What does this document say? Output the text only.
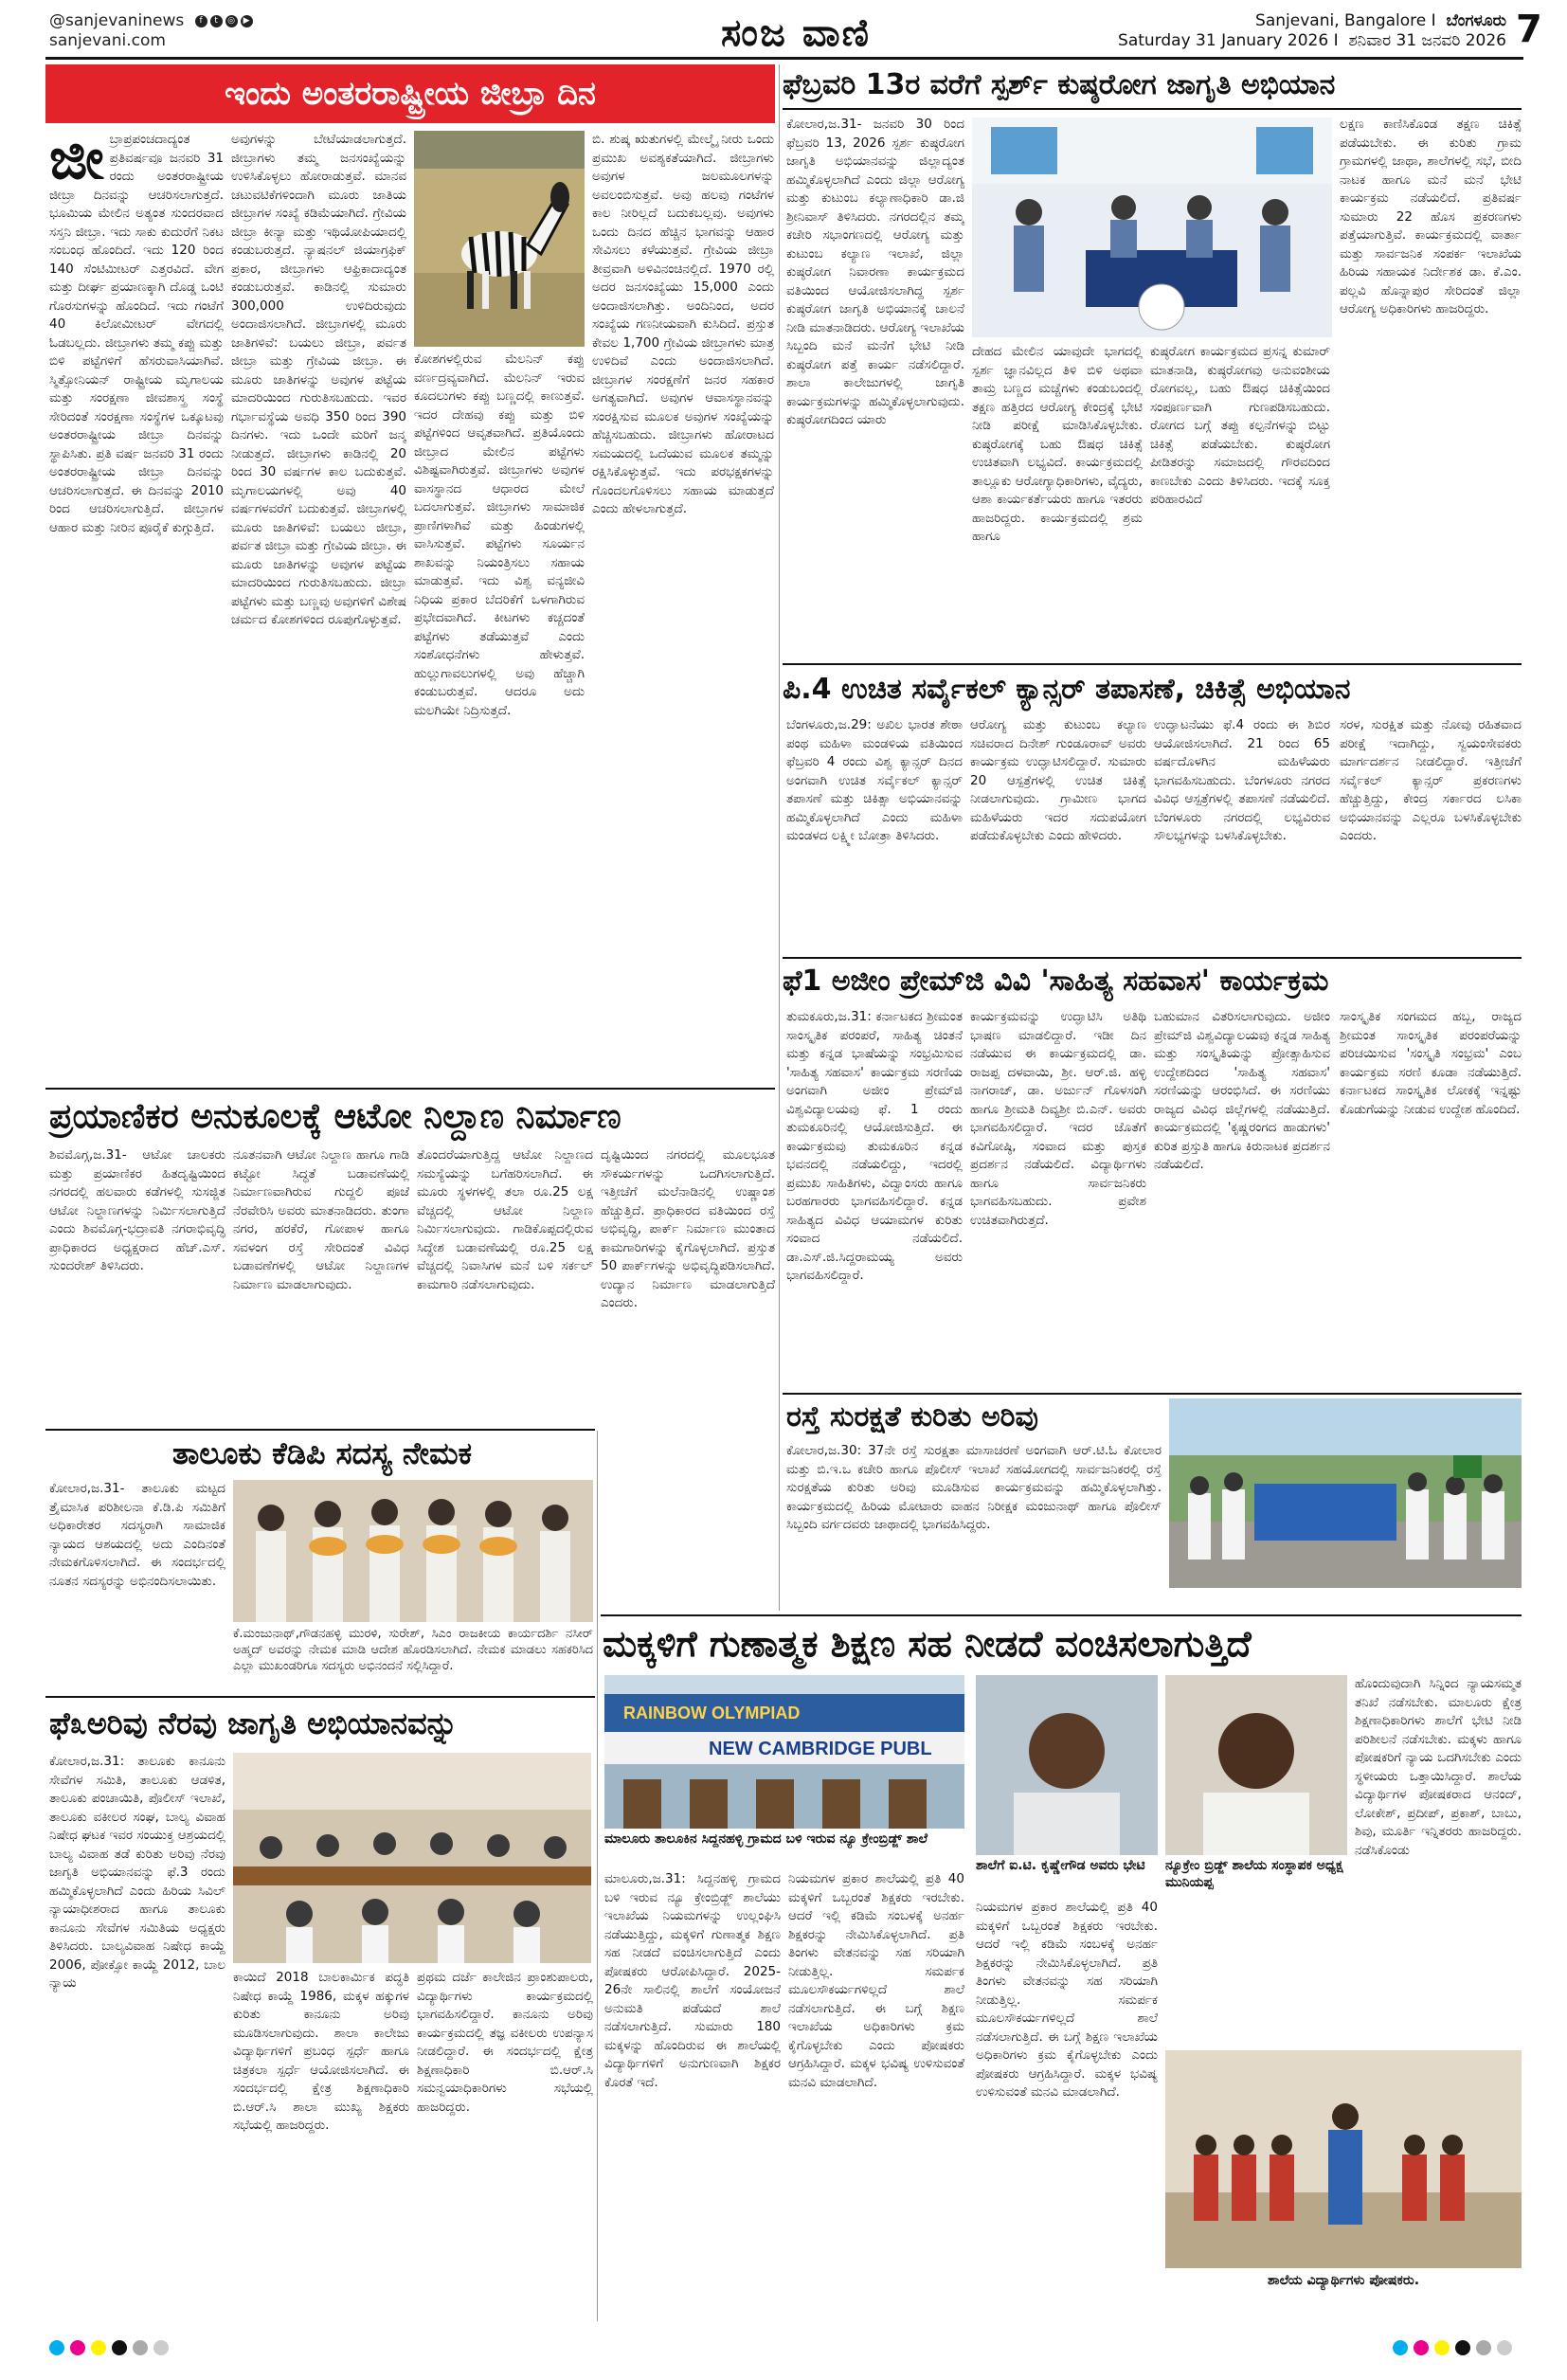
@sanjevaninews	f	t	◎ ▶
sanjevani.com	ಸಂಜ ವಾಣಿ	Sanjevani, Bangalore I ಬೆಂಗಳೂರು
Saturday 31 January 2026 I ಶನಿವಾರ 31 ಜನವರಿ 2026 7
ಇಂದು ಅಂತರರಾಷ್ಟ್ರೀಯ ಜೀಬ್ರಾ ದಿನ
ಜೀಬ್ರಾಪ್ರಪಂಚದಾದ್ಯಂತ ಪ್ರತಿವರ್ಷವೂ ಜನವರಿ 31 ರಂದು ಅಂತರರಾಷ್ಟ್ರೀಯ ಜೀಬ್ರಾ ದಿನವನ್ನು ಆಚರಿಸಲಾಗುತ್ತದೆ. ಭೂಮಿಯ ಮೇಲಿನ ಅತ್ಯಂತ ಸುಂದರವಾದ ಸಸ್ತನಿ ಜೀಬ್ರಾ. ಇದು ಸಾಕು ಕುದುರೆಗೆ ನಿಕಟ ಸಂಬಂಧ ಹೊಂದಿದೆ. ಇದು 120 ರಿಂದ 140 ಸೆಂಟಿಮೀಟರ್ ಎತ್ತರವಿದೆ. ವೇಗ ಮತ್ತು ದೀರ್ಘ ಪ್ರಯಾಣಕ್ಕಾಗಿ ದೊಡ್ಡ ಒಂಟಿ ಗೊರಸುಗಳನ್ನು ಹೊಂದಿದೆ. ಇದು ಗಂಟೆಗೆ 40 ಕಿಲೋಮೀಟರ್ ವೇಗದಲ್ಲಿ ಓಡಬಲ್ಲದು. ಜೀಬ್ರಾಗಳು ತಮ್ಮ ಕಪ್ಪು ಮತ್ತು ಬಿಳಿ ಪಟ್ಟೆಗಳಿಗೆ ಹೆಸರುವಾಸಿಯಾಗಿವೆ. ಸ್ಮಿತ್ಸೋನಿಯನ್ ರಾಷ್ಟ್ರೀಯ ಮೃಗಾಲಯ ಮತ್ತು ಸಂರಕ್ಷಣಾ ಜೀವಶಾಸ್ತ್ರ ಸಂಸ್ಥೆ ಸೇರಿದಂತೆ ಸಂರಕ್ಷಣಾ ಸಂಸ್ಥೆಗಳ ಒಕ್ಕೂಟವು ಅಂತರರಾಷ್ಟ್ರೀಯ ಜೀಬ್ರಾ ದಿನವನ್ನು ಸ್ಥಾಪಿಸಿತು. ಪ್ರತಿ ವರ್ಷ ಜನವರಿ 31 ರಂದು ಅಂತರರಾಷ್ಟ್ರೀಯ ಜೀಬ್ರಾ ದಿನವನ್ನು ಆಚರಿಸಲಾಗುತ್ತದೆ. ಈ ದಿನವನ್ನು 2010 ರಿಂದ ಆಚರಿಸಲಾಗುತ್ತಿದೆ. ಜೀಬ್ರಾಗಳ ಆಹಾರ ಮತ್ತು ನೀರಿನ ಪೂರೈಕೆ ಕುಗ್ಗುತ್ತಿದೆ.
ಅವುಗಳನ್ನು ಬೇಟೆಯಾಡಲಾಗುತ್ತದೆ. ಜೀಬ್ರಾಗಳು ತಮ್ಮ ಜನಸಂಖ್ಯೆಯನ್ನು ಉಳಿಸಿಕೊಳ್ಳಲು ಹೋರಾಡುತ್ತವೆ. ಮಾನವ ಚಟುವಟಿಕೆಗಳಿಂದಾಗಿ ಮೂರು ಜಾತಿಯ ಜೀಬ್ರಾಗಳ ಸಂಖ್ಯೆ ಕಡಿಮೆಯಾಗಿದೆ. ಗ್ರೇವಿಯ ಜೀಬ್ರಾ ಕೀನ್ಯಾ ಮತ್ತು ಇಥಿಯೋಪಿಯಾದಲ್ಲಿ ಕಂಡುಬರುತ್ತದೆ. ನ್ಯಾಷನಲ್ ಜಿಯಾಗ್ರಫಿಕ್ ಪ್ರಕಾರ, ಜೀಬ್ರಾಗಳು ಆಫ್ರಿಕಾದಾದ್ಯಂತ ಕಂಡುಬರುತ್ತವೆ. ಕಾಡಿನಲ್ಲಿ ಸುಮಾರು 300,000 ಉಳಿದಿರುವುದು ಅಂದಾಜಿಸಲಾಗಿದೆ. ಜೀಬ್ರಾಗಳಲ್ಲಿ ಮೂರು ಜಾತಿಗಳಿವೆ: ಬಯಲು ಜೀಬ್ರಾ, ಪರ್ವತ ಜೀಬ್ರಾ ಮತ್ತು ಗ್ರೇವಿಯ ಜೀಬ್ರಾ. ಈ ಮೂರು ಜಾತಿಗಳನ್ನು ಅವುಗಳ ಪಟ್ಟೆಯ ಮಾದರಿಯಿಂದ ಗುರುತಿಸಬಹುದು. ಇವರ ಗರ್ಭಾವಸ್ಥೆಯ ಅವಧಿ 350 ರಿಂದ 390 ದಿನಗಳು. ಇದು ಒಂದೇ ಮರಿಗೆ ಜನ್ಮ ನೀಡುತ್ತದೆ. ಜೀಬ್ರಾಗಳು ಕಾಡಿನಲ್ಲಿ 20 ರಿಂದ 30 ವರ್ಷಗಳ ಕಾಲ ಬದುಕುತ್ತವೆ. ಮೃಗಾಲಯಗಳಲ್ಲಿ ಅವು 40 ವರ್ಷಗಳವರೆಗೆ ಬದುಕುತ್ತವೆ. ಜೀಬ್ರಾಗಳಲ್ಲಿ ಮೂರು ಜಾತಿಗಳಿವೆ: ಬಯಲು ಜೀಬ್ರಾ, ಪರ್ವತ ಜೀಬ್ರಾ ಮತ್ತು ಗ್ರೇವಿಯ ಜೀಬ್ರಾ. ಈ ಮೂರು ಜಾತಿಗಳನ್ನು ಅವುಗಳ ಪಟ್ಟೆಯ ಮಾದರಿಯಿಂದ ಗುರುತಿಸಬಹುದು. ಜೀಬ್ರಾ ಪಟ್ಟೆಗಳು ಮತ್ತು ಬಣ್ಣವು ಅವುಗಳಿಗೆ ವಿಶೇಷ ಚರ್ಮದ ಕೋಶಗಳಿಂದ ರೂಪುಗೊಳ್ಳುತ್ತವೆ.
ಕೋಶಗಳಲ್ಲಿರುವ ಮೆಲನಿನ್ ಕಪ್ಪು ವರ್ಣದ್ರವ್ಯವಾಗಿದೆ. ಮೆಲನಿನ್ ಇರುವ ಕೂದಲುಗಳು ಕಪ್ಪು ಬಣ್ಣದಲ್ಲಿ ಕಾಣುತ್ತವೆ. ಇದರ ದೇಹವು ಕಪ್ಪು ಮತ್ತು ಬಿಳಿ ಪಟ್ಟೆಗಳಿಂದ ಆವೃತವಾಗಿದೆ. ಪ್ರತಿಯೊಂದು ಜೀಬ್ರಾದ ಮೇಲಿನ ಪಟ್ಟೆಗಳು ವಿಶಿಷ್ಟವಾಗಿರುತ್ತವೆ. ಜೀಬ್ರಾಗಳು ಅವುಗಳ ವಾಸಸ್ಥಾನದ ಆಧಾರದ ಮೇಲೆ ಬದಲಾಗುತ್ತವೆ. ಜೀಬ್ರಾಗಳು ಸಾಮಾಜಿಕ ಪ್ರಾಣಿಗಳಾಗಿವೆ ಮತ್ತು ಹಿಂಡುಗಳಲ್ಲಿ ವಾಸಿಸುತ್ತವೆ. ಪಟ್ಟೆಗಳು ಸೂರ್ಯನ ಶಾಖವನ್ನು ನಿಯಂತ್ರಿಸಲು ಸಹಾಯ ಮಾಡುತ್ತವೆ. ಇದು ವಿಶ್ವ ವನ್ಯಜೀವಿ ನಿಧಿಯ ಪ್ರಕಾರ ಬೆದರಿಕೆಗೆ ಒಳಗಾಗಿರುವ ಪ್ರಭೇದವಾಗಿದೆ. ಕೀಟಗಳು ಕಚ್ಚದಂತೆ ಪಟ್ಟೆಗಳು ತಡೆಯುತ್ತವೆ ಎಂದು ಸಂಶೋಧನೆಗಳು ಹೇಳುತ್ತವೆ. ಹುಲ್ಲುಗಾವಲುಗಳಲ್ಲಿ ಅವು ಹೆಚ್ಚಾಗಿ ಕಂಡುಬರುತ್ತವೆ. ಆದರೂ ಅದು ಮಲಗಿಯೇ ನಿದ್ರಿಸುತ್ತದೆ.
ಬಿ. ಶುಷ್ಕ ಋತುಗಳಲ್ಲಿ ಮೇಲ್ಮೈ ನೀರು ಒಂದು ಪ್ರಮುಖ ಅವಶ್ಯಕತೆಯಾಗಿದೆ. ಜೀಬ್ರಾಗಳು ಅವುಗಳ ಜಲಮೂಲಗಳನ್ನು ಅವಲಂಬಿಸುತ್ತವೆ. ಅವು ಹಲವು ಗಂಟೆಗಳ ಕಾಲ ನೀರಿಲ್ಲದೆ ಬದುಕಬಲ್ಲವು. ಅವುಗಳು ಒಂದು ದಿನದ ಹೆಚ್ಚಿನ ಭಾಗವನ್ನು ಆಹಾರ ಸೇವಿಸಲು ಕಳೆಯುತ್ತವೆ. ಗ್ರೇವಿಯ ಜೀಬ್ರಾ ತೀವ್ರವಾಗಿ ಅಳಿವಿನಂಚಿನಲ್ಲಿದೆ. 1970 ರಲ್ಲಿ ಅದರ ಜನಸಂಖ್ಯೆಯು 15,000 ಎಂದು ಅಂದಾಜಿಸಲಾಗಿತ್ತು. ಅಂದಿನಿಂದ, ಅದರ ಸಂಖ್ಯೆಯ ಗಣನೀಯವಾಗಿ ಕುಸಿದಿದೆ. ಪ್ರಸ್ತುತ ಕೇವಲ 1,700 ಗ್ರೇವಿಯ ಜೀಬ್ರಾಗಳು ಮಾತ್ರ ಉಳಿದಿವೆ ಎಂದು ಅಂದಾಜಿಸಲಾಗಿದೆ. ಜೀಬ್ರಾಗಳ ಸಂರಕ್ಷಣೆಗೆ ಜನರ ಸಹಕಾರ ಅಗತ್ಯವಾಗಿದೆ. ಅವುಗಳ ಆವಾಸಸ್ಥಾನವನ್ನು ಸಂರಕ್ಷಿಸುವ ಮೂಲಕ ಅವುಗಳ ಸಂಖ್ಯೆಯನ್ನು ಹೆಚ್ಚಿಸಬಹುದು. ಜೀಬ್ರಾಗಳು ಹೋರಾಟದ ಸಮಯದಲ್ಲಿ ಒದೆಯುವ ಮೂಲಕ ತಮ್ಮನ್ನು ರಕ್ಷಿಸಿಕೊಳ್ಳುತ್ತವೆ. ಇದು ಪರಭಕ್ಷಕಗಳನ್ನು ಗೊಂದಲಗೊಳಿಸಲು ಸಹಾಯ ಮಾಡುತ್ತದೆ ಎಂದು ಹೇಳಲಾಗುತ್ತದೆ.
ಫೆಬ್ರವರಿ 13ರ ವರೆಗೆ ಸ್ಪರ್ಶ್ ಕುಷ್ಠರೋಗ ಜಾಗೃತಿ ಅಭಿಯಾನ
ಕೋಲಾರ,ಜ.31- ಜನವರಿ 30 ರಿಂದ ಫೆಬ್ರವರಿ 13, 2026 ಸ್ಪರ್ಶ ಕುಷ್ಠರೋಗ ಜಾಗೃತಿ ಅಭಿಯಾನವನ್ನು ಜಿಲ್ಲಾದ್ಯಂತ ಹಮ್ಮಿಕೊಳ್ಳಲಾಗಿದೆ ಎಂದು ಜಿಲ್ಲಾ ಆರೋಗ್ಯ ಮತ್ತು ಕುಟುಂಬ ಕಲ್ಯಾಣಾಧಿಕಾರಿ ಡಾ.ಜಿ ಶ್ರೀನಿವಾಸ್ ತಿಳಿಸಿದರು. ನಗರದಲ್ಲಿನ ತಮ್ಮ ಕಚೇರಿ ಸಭಾಂಗಣದಲ್ಲಿ ಆರೋಗ್ಯ ಮತ್ತು ಕುಟುಂಬ ಕಲ್ಯಾಣ ಇಲಾಖೆ, ಜಿಲ್ಲಾ ಕುಷ್ಠರೋಗ ನಿವಾರಣಾ ಕಾರ್ಯಕ್ರಮದ ವತಿಯಿಂದ ಆಯೋಜಿಸಲಾಗಿದ್ದ ಸ್ಪರ್ಶ ಕುಷ್ಠರೋಗ ಜಾಗೃತಿ ಅಭಿಯಾನಕ್ಕೆ ಚಾಲನೆ ನೀಡಿ ಮಾತನಾಡಿದರು. ಆರೋಗ್ಯ ಇಲಾಖೆಯ ಸಿಬ್ಬಂದಿ ಮನೆ ಮನೆಗೆ ಭೇಟಿ ನೀಡಿ ಕುಷ್ಠರೋಗ ಪತ್ತೆ ಕಾರ್ಯ ನಡೆಸಲಿದ್ದಾರೆ. ಶಾಲಾ ಕಾಲೇಜುಗಳಲ್ಲಿ ಜಾಗೃತಿ ಕಾರ್ಯಕ್ರಮಗಳನ್ನು ಹಮ್ಮಿಕೊಳ್ಳಲಾಗುವುದು. ಕುಷ್ಠರೋಗದಿಂದ ಯಾರು
ದೇಹದ ಮೇಲಿನ ಯಾವುದೇ ಭಾಗದಲ್ಲಿ ಸ್ಪರ್ಶ ಜ್ಞಾನವಿಲ್ಲದ ತಿಳಿ ಬಿಳಿ ಅಥವಾ ತಾಮ್ರ ಬಣ್ಣದ ಮಚ್ಚೆಗಳು ಕಂಡುಬಂದಲ್ಲಿ ತಕ್ಷಣ ಹತ್ತಿರದ ಆರೋಗ್ಯ ಕೇಂದ್ರಕ್ಕೆ ಭೇಟಿ ನೀಡಿ ಪರೀಕ್ಷೆ ಮಾಡಿಸಿಕೊಳ್ಳಬೇಕು. ಕುಷ್ಠರೋಗಕ್ಕೆ ಬಹು ಔಷಧ ಚಿಕಿತ್ಸೆ ಉಚಿತವಾಗಿ ಲಭ್ಯವಿದೆ. ಕಾರ್ಯಕ್ರಮದಲ್ಲಿ ತಾಲ್ಲೂಕು ಆರೋಗ್ಯಾಧಿಕಾರಿಗಳು, ವೈದ್ಯರು, ಆಶಾ ಕಾರ್ಯಕರ್ತೆಯರು ಹಾಗೂ ಇತರರು ಹಾಜರಿದ್ದರು. ಕಾರ್ಯಕ್ರಮದಲ್ಲಿ ಶ್ರಮ ಹಾಗೂ
ಕುಷ್ಠರೋಗ ಕಾರ್ಯಕ್ರಮದ ಪ್ರಸನ್ನ ಕುಮಾರ್ ಮಾತನಾಡಿ, ಕುಷ್ಠರೋಗವು ಅನುವಂಶೀಯ ರೋಗವಲ್ಲ, ಬಹು ಔಷಧ ಚಿಕಿತ್ಸೆಯಿಂದ ಸಂಪೂರ್ಣವಾಗಿ ಗುಣಪಡಿಸಬಹುದು. ರೋಗದ ಬಗ್ಗೆ ತಪ್ಪು ಕಲ್ಪನೆಗಳನ್ನು ಬಿಟ್ಟು ಚಿಕಿತ್ಸೆ ಪಡೆಯಬೇಕು. ಕುಷ್ಠರೋಗ ಪೀಡಿತರನ್ನು ಸಮಾಜದಲ್ಲಿ ಗೌರವದಿಂದ ಕಾಣಬೇಕು ಎಂದು ತಿಳಿಸಿದರು. ಇದಕ್ಕೆ ಸೂಕ್ತ ಪರಿಹಾರವಿದೆ
ಲಕ್ಷಣ ಕಾಣಿಸಿಕೊಂಡ ತಕ್ಷಣ ಚಿಕಿತ್ಸೆ ಪಡೆಯಬೇಕು. ಈ ಕುರಿತು ಗ್ರಾಮ ಗ್ರಾಮಗಳಲ್ಲಿ ಜಾಥಾ, ಶಾಲೆಗಳಲ್ಲಿ ಸಭೆ, ಬೀದಿ ನಾಟಕ ಹಾಗೂ ಮನೆ ಮನೆ ಭೇಟಿ ಕಾರ್ಯಕ್ರಮ ನಡೆಯಲಿದೆ. ಪ್ರತಿವರ್ಷ ಸುಮಾರು 22 ಹೊಸ ಪ್ರಕರಣಗಳು ಪತ್ತೆಯಾಗುತ್ತಿವೆ. ಕಾರ್ಯಕ್ರಮದಲ್ಲಿ ವಾರ್ತಾ ಮತ್ತು ಸಾರ್ವಜನಿಕ ಸಂಪರ್ಕ ಇಲಾಖೆಯ ಹಿರಿಯ ಸಹಾಯಕ ನಿರ್ದೇಶಕ ಡಾ. ಕೆ.ಎಂ. ಪಲ್ಲವಿ ಹೊನ್ನಾಪುರ ಸೇರಿದಂತೆ ಜಿಲ್ಲಾ ಆರೋಗ್ಯ ಅಧಿಕಾರಿಗಳು ಹಾಜರಿದ್ದರು.
ಪಿ.4 ಉಚಿತ ಸರ್ವೈಕಲ್ ಕ್ಯಾನ್ಸರ್ ತಪಾಸಣೆ, ಚಿಕಿತ್ಸೆ ಅಭಿಯಾನ
ಬೆಂಗಳೂರು,ಜ.29: ಅಖಿಲ ಭಾರತ ಶೇಠಾ ಪಂಥ ಮಹಿಳಾ ಮಂಡಳಿಯ ವತಿಯಿಂದ ಫೆಬ್ರವರಿ 4 ರಂದು ವಿಶ್ವ ಕ್ಯಾನ್ಸರ್ ದಿನದ ಅಂಗವಾಗಿ ಉಚಿತ ಸರ್ವೈಕಲ್ ಕ್ಯಾನ್ಸರ್ ತಪಾಸಣೆ ಮತ್ತು ಚಿಕಿತ್ಸಾ ಅಭಿಯಾನವನ್ನು ಹಮ್ಮಿಕೊಳ್ಳಲಾಗಿದೆ ಎಂದು ಮಹಿಳಾ ಮಂಡಳದ ಲಕ್ಷ್ಮೀ ಬೋತ್ರಾ ತಿಳಿಸಿದರು.
ಆರೋಗ್ಯ ಮತ್ತು ಕುಟುಂಬ ಕಲ್ಯಾಣ ಸಚಿವರಾದ ದಿನೇಶ್ ಗುಂಡೂರಾವ್ ಅವರು ಕಾರ್ಯಕ್ರಮ ಉದ್ಘಾಟಿಸಲಿದ್ದಾರೆ. ಸುಮಾರು 20 ಆಸ್ಪತ್ರೆಗಳಲ್ಲಿ ಉಚಿತ ಚಿಕಿತ್ಸೆ ನೀಡಲಾಗುವುದು. ಗ್ರಾಮೀಣ ಭಾಗದ ಮಹಿಳೆಯರು ಇದರ ಸದುಪಯೋಗ ಪಡೆದುಕೊಳ್ಳಬೇಕು ಎಂದು ಹೇಳಿದರು.
ಉದ್ಘಾಟನೆಯು ಫೆ.4 ರಂದು ಈ ಶಿಬಿರ ಆಯೋಜಿಸಲಾಗಿದೆ. 21 ರಿಂದ 65 ವರ್ಷದೊಳಗಿನ ಮಹಿಳೆಯರು ಭಾಗವಹಿಸಬಹುದು. ಬೆಂಗಳೂರು ನಗರದ ವಿವಿಧ ಆಸ್ಪತ್ರೆಗಳಲ್ಲಿ ತಪಾಸಣೆ ನಡೆಯಲಿದೆ. ಬೆಂಗಳೂರು ನಗರದಲ್ಲಿ ಲಭ್ಯವಿರುವ ಸೌಲಭ್ಯಗಳನ್ನು ಬಳಸಿಕೊಳ್ಳಬೇಕು.
ಸರಳ, ಸುರಕ್ಷಿತ ಮತ್ತು ನೋವು ರಹಿತವಾದ ಪರೀಕ್ಷೆ ಇದಾಗಿದ್ದು, ಸ್ವಯಂಸೇವಕರು ಮಾರ್ಗದರ್ಶನ ನೀಡಲಿದ್ದಾರೆ. ಇತ್ತೀಚೆಗೆ ಸರ್ವೈಕಲ್ ಕ್ಯಾನ್ಸರ್ ಪ್ರಕರಣಗಳು ಹೆಚ್ಚುತ್ತಿದ್ದು, ಕೇಂದ್ರ ಸರ್ಕಾರದ ಲಸಿಕಾ ಅಭಿಯಾನವನ್ನು ಎಲ್ಲರೂ ಬಳಸಿಕೊಳ್ಳಬೇಕು ಎಂದರು.
ಫೆ1 ಅಜೀಂ ಪ್ರೇಮ್‌ಜಿ ವಿವಿ 'ಸಾಹಿತ್ಯ ಸಹವಾಸ' ಕಾರ್ಯಕ್ರಮ
ತುಮಕೂರು,ಜ.31: ಕರ್ನಾಟಕದ ಶ್ರೀಮಂತ ಸಾಂಸ್ಕೃತಿಕ ಪರಂಪರೆ, ಸಾಹಿತ್ಯ ಚಿಂತನೆ ಮತ್ತು ಕನ್ನಡ ಭಾಷೆಯನ್ನು ಸಂಭ್ರಮಿಸುವ 'ಸಾಹಿತ್ಯ ಸಹವಾಸ' ಕಾರ್ಯಕ್ರಮ ಸರಣಿಯ ಅಂಗವಾಗಿ ಅಜೀಂ ಪ್ರೇಮ್‌ಜಿ ವಿಶ್ವವಿದ್ಯಾಲಯವು ಫೆ. 1 ರಂದು ತುಮಕೂರಿನಲ್ಲಿ ಆಯೋಜಿಸುತ್ತಿದೆ. ಈ ಕಾರ್ಯಕ್ರಮವು ತುಮಕೂರಿನ ಕನ್ನಡ ಭವನದಲ್ಲಿ ನಡೆಯಲಿದ್ದು, ಇದರಲ್ಲಿ ಪ್ರಮುಖ ಸಾಹಿತಿಗಳು, ವಿದ್ವಾಂಸರು ಹಾಗೂ ಬರಹಗಾರರು ಭಾಗವಹಿಸಲಿದ್ದಾರೆ. ಕನ್ನಡ ಸಾಹಿತ್ಯದ ವಿವಿಧ ಆಯಾಮಗಳ ಕುರಿತು ಸಂವಾದ ನಡೆಯಲಿದೆ. ಡಾ.ಎಸ್.ಜಿ.ಸಿದ್ದರಾಮಯ್ಯ ಅವರು ಭಾಗವಹಿಸಲಿದ್ದಾರೆ.
ಕಾರ್ಯಕ್ರಮವನ್ನು ಉದ್ಘಾಟಿಸಿ ಅತಿಥಿ ಭಾಷಣ ಮಾಡಲಿದ್ದಾರೆ. ಇಡೀ ದಿನ ನಡೆಯುವ ಈ ಕಾರ್ಯಕ್ರಮದಲ್ಲಿ ಡಾ. ರಾಜಪ್ಪ ದಳವಾಯಿ, ಶ್ರೀ. ಆರ್.ಜಿ. ಹಳ್ಳಿ ನಾಗರಾಜ್, ಡಾ. ಅರ್ಜುನ್ ಗೊಳಸಂಗಿ ಹಾಗೂ ಶ್ರೀಮತಿ ದಿವ್ಯಶ್ರೀ ಬಿ.ಎನ್. ಅವರು ಭಾಗವಹಿಸಲಿದ್ದಾರೆ. ಇದರ ಜೊತೆಗೆ ಕವಿಗೋಷ್ಠಿ, ಸಂವಾದ ಮತ್ತು ಪುಸ್ತಕ ಪ್ರದರ್ಶನ ನಡೆಯಲಿದೆ. ವಿದ್ಯಾರ್ಥಿಗಳು ಹಾಗೂ ಸಾರ್ವಜನಿಕರು ಭಾಗವಹಿಸಬಹುದು. ಪ್ರವೇಶ ಉಚಿತವಾಗಿರುತ್ತದೆ.
ಬಹುಮಾನ ವಿತರಿಸಲಾಗುವುದು. ಅಜೀಂ ಪ್ರೇಮ್‌ಜಿ ವಿಶ್ವವಿದ್ಯಾಲಯವು ಕನ್ನಡ ಸಾಹಿತ್ಯ ಮತ್ತು ಸಂಸ್ಕೃತಿಯನ್ನು ಪ್ರೋತ್ಸಾಹಿಸುವ ಉದ್ದೇಶದಿಂದ 'ಸಾಹಿತ್ಯ ಸಹವಾಸ' ಸರಣಿಯನ್ನು ಆರಂಭಿಸಿದೆ. ಈ ಸರಣಿಯು ರಾಜ್ಯದ ವಿವಿಧ ಜಿಲ್ಲೆಗಳಲ್ಲಿ ನಡೆಯುತ್ತಿದೆ. ಕಾರ್ಯಕ್ರಮದಲ್ಲಿ 'ಕೃಷ್ಣರಂಗದ ಹಾಡುಗಳು' ಕುರಿತ ಪ್ರಸ್ತುತಿ ಹಾಗೂ ಕಿರುನಾಟಕ ಪ್ರದರ್ಶನ ನಡೆಯಲಿದೆ.
ಸಾಂಸ್ಕೃತಿಕ ಸಂಗಮದ ಹಬ್ಬ, ರಾಜ್ಯದ ಶ್ರೀಮಂತ ಸಾಂಸ್ಕೃತಿಕ ಪರಂಪರೆಯನ್ನು ಪರಿಚಯಿಸುವ 'ಸಂಸ್ಕೃತಿ ಸಂಭ್ರಮ' ಎಂಬ ಕಾರ್ಯಕ್ರಮ ಸರಣಿ ಕೂಡಾ ನಡೆಯುತ್ತಿದೆ. ಕರ್ನಾಟಕದ ಸಾಂಸ್ಕೃತಿಕ ಲೋಕಕ್ಕೆ ಇನ್ನಷ್ಟು ಕೊಡುಗೆಯನ್ನು ನೀಡುವ ಉದ್ದೇಶ ಹೊಂದಿದೆ.
ಪ್ರಯಾಣಿಕರ ಅನುಕೂಲಕ್ಕೆ ಆಟೋ ನಿಲ್ದಾಣ ನಿರ್ಮಾಣ
ಶಿವಮೊಗ್ಗ,ಜ.31- ಆಟೋ ಚಾಲಕರು ಮತ್ತು ಪ್ರಯಾಣಿಕರ ಹಿತದೃಷ್ಟಿಯಿಂದ ನಗರದಲ್ಲಿ ಹಲವಾರು ಕಡೆಗಳಲ್ಲಿ ಸುಸಜ್ಜಿತ ಆಟೋ ನಿಲ್ದಾಣಗಳನ್ನು ನಿರ್ಮಿಸಲಾಗುತ್ತಿದೆ ಎಂದು ಶಿವಮೊಗ್ಗ-ಭದ್ರಾವತಿ ನಗರಾಭಿವೃದ್ಧಿ ಪ್ರಾಧಿಕಾರದ ಅಧ್ಯಕ್ಷರಾದ ಹೆಚ್.ಎಸ್. ಸುಂದರೇಶ್ ತಿಳಿಸಿದರು.
ನೂತನವಾಗಿ ಆಟೋ ನಿಲ್ದಾಣ ಹಾಗೂ ಗಾಡಿ ಕಟ್ಟೋ ಸಿದ್ಧತೆ ಬಡಾವಣೆಯಲ್ಲಿ ನಿರ್ಮಾಣವಾಗಿರುವ ಗುದ್ದಲಿ ಪೂಜೆ ನೆರವೇರಿಸಿ ಅವರು ಮಾತನಾಡಿದರು. ತುಂಗಾ ನಗರ, ಹರಕೆರೆ, ಗೋಪಾಳ ಹಾಗೂ ಸವಳಂಗ ರಸ್ತೆ ಸೇರಿದಂತೆ ವಿವಿಧ ಬಡಾವಣೆಗಳಲ್ಲಿ ಆಟೋ ನಿಲ್ದಾಣಗಳ ನಿರ್ಮಾಣ ಮಾಡಲಾಗುವುದು.
ತೊಂದರೆಯಾಗುತ್ತಿದ್ದ ಆಟೋ ನಿಲ್ದಾಣದ ಸಮಸ್ಯೆಯನ್ನು ಬಗೆಹರಿಸಲಾಗಿದೆ. ಈ ಮೂರು ಸ್ಥಳಗಳಲ್ಲಿ ತಲಾ ರೂ.25 ಲಕ್ಷ ವೆಚ್ಚದಲ್ಲಿ ಆಟೋ ನಿಲ್ದಾಣ ನಿರ್ಮಿಸಲಾಗುವುದು. ಗಾಡಿಕೊಪ್ಪದಲ್ಲಿರುವ ಸಿದ್ಧೇಶ ಬಡಾವಣೆಯಲ್ಲಿ ರೂ.25 ಲಕ್ಷ ವೆಚ್ಚದಲ್ಲಿ ನಿವಾಸಿಗಳ ಮನೆ ಬಳಿ ಸರ್ಕಲ್ ಕಾಮಗಾರಿ ನಡೆಸಲಾಗುವುದು.
ದೃಷ್ಟಿಯಿಂದ ನಗರದಲ್ಲಿ ಮೂಲಭೂತ ಸೌಕರ್ಯಗಳನ್ನು ಒದಗಿಸಲಾಗುತ್ತಿದೆ. ಇತ್ತೀಚೆಗೆ ಮಲೆನಾಡಿನಲ್ಲಿ ಉಷ್ಣಾಂಶ ಹೆಚ್ಚುತ್ತಿದೆ. ಪ್ರಾಧಿಕಾರದ ವತಿಯಿಂದ ರಸ್ತೆ ಅಭಿವೃದ್ಧಿ, ಪಾರ್ಕ್ ನಿರ್ಮಾಣ ಮುಂತಾದ ಕಾಮಗಾರಿಗಳನ್ನು ಕೈಗೊಳ್ಳಲಾಗಿದೆ. ಪ್ರಸ್ತುತ 50 ಪಾರ್ಕ್‌ಗಳನ್ನು ಅಭಿವೃದ್ಧಿಪಡಿಸಲಾಗಿದೆ. ಉದ್ಯಾನ ನಿರ್ಮಾಣ ಮಾಡಲಾಗುತ್ತಿದೆ ಎಂದರು.
ರಸ್ತೆ ಸುರಕ್ಷತೆ ಕುರಿತು ಅರಿವು
ಕೋಲಾರ,ಜ.30: 37ನೇ ರಸ್ತೆ ಸುರಕ್ಷತಾ ಮಾಸಾಚರಣೆ ಅಂಗವಾಗಿ ಆರ್.ಟಿ.ಓ ಕೋಲಾರ ಮತ್ತು ಬಿ.ಇ.ಒ ಕಚೇರಿ ಹಾಗೂ ಪೊಲೀಸ್ ಇಲಾಖೆ ಸಹಯೋಗದಲ್ಲಿ ಸಾರ್ವಜನಿಕರಲ್ಲಿ ರಸ್ತೆ ಸುರಕ್ಷತೆಯ ಕುರಿತು ಅರಿವು ಮೂಡಿಸುವ ಕಾರ್ಯಕ್ರಮವನ್ನು ಹಮ್ಮಿಕೊಳ್ಳಲಾಗಿತ್ತು. ಕಾರ್ಯಕ್ರಮದಲ್ಲಿ ಹಿರಿಯ ಮೋಟಾರು ವಾಹನ ನಿರೀಕ್ಷಕ ಮಂಜುನಾಥ್ ಹಾಗೂ ಪೊಲೀಸ್ ಸಿಬ್ಬಂದಿ ವರ್ಗದವರು ಜಾಥಾದಲ್ಲಿ ಭಾಗವಹಿಸಿದ್ದರು.
ತಾಲೂಕು ಕೆಡಿಪಿ ಸದಸ್ಯ ನೇಮಕ
ಕೋಲಾರ,ಜ.31- ತಾಲೂಕು ಮಟ್ಟದ ತ್ರೈಮಾಸಿಕ ಪರಿಶೀಲನಾ ಕೆ.ಡಿ.ಪಿ ಸಮಿತಿಗೆ ಅಧಿಕಾರೇತರ ಸದಸ್ಯರಾಗಿ ಸಾಮಾಜಿಕ ನ್ಯಾಯದ ಆಶಯದಲ್ಲಿ ಅದು ಎಂದಿನಂತೆ ನೇಮಕಗೊಳಿಸಲಾಗಿದೆ. ಈ ಸಂದರ್ಭದಲ್ಲಿ ನೂತನ ಸದಸ್ಯರನ್ನು ಅಭಿನಂದಿಸಲಾಯಿತು.
ಕೆ.ಮಂಜುನಾಥ್,ಗೌಡನಹಳ್ಳಿ ಮುರಳಿ, ಸುರೇಶ್, ಸಿಎಂ ರಾಜಕೀಯ ಕಾರ್ಯದರ್ಶಿ ನಸೀರ್ ಅಹ್ಮದ್ ಅವರನ್ನು ನೇಮಕ ಮಾಡಿ ಆದೇಶ ಹೊರಡಿಸಲಾಗಿದೆ. ನೇಮಕ ಮಾಡಲು ಸಹಕರಿಸಿದ ಎಲ್ಲಾ ಮುಖಂಡರಿಗೂ ಸದಸ್ಯರು ಅಭಿನಂದನೆ ಸಲ್ಲಿಸಿದ್ದಾರೆ.
ಫೆ೩ಅರಿವು ನೆರವು ಜಾಗೃತಿ ಅಭಿಯಾನವನ್ನು
ಕೋಲಾರ,ಜ.31: ತಾಲೂಕು ಕಾನೂನು ಸೇವೆಗಳ ಸಮಿತಿ, ತಾಲೂಕು ಆಡಳಿತ, ತಾಲೂಕು ಪಂಚಾಯಿತಿ, ಪೊಲೀಸ್ ಇಲಾಖೆ, ತಾಲೂಕು ವಕೀಲರ ಸಂಘ, ಬಾಲ್ಯ ವಿವಾಹ ನಿಷೇಧ ಘಟಕ ಇವರ ಸಂಯುಕ್ತ ಆಶ್ರಯದಲ್ಲಿ ಬಾಲ್ಯ ವಿವಾಹ ತಡೆ ಕುರಿತು ಅರಿವು ನೆರವು ಜಾಗೃತಿ ಅಭಿಯಾನವನ್ನು ಫೆ.3 ರಂದು ಹಮ್ಮಿಕೊಳ್ಳಲಾಗಿದೆ ಎಂದು ಹಿರಿಯ ಸಿವಿಲ್ ನ್ಯಾಯಾಧೀಶರಾದ ಹಾಗೂ ತಾಲೂಕು ಕಾನೂನು ಸೇವೆಗಳ ಸಮಿತಿಯ ಅಧ್ಯಕ್ಷರು ತಿಳಿಸಿದರು. ಬಾಲ್ಯವಿವಾಹ ನಿಷೇಧ ಕಾಯ್ದೆ 2006, ಪೋಕ್ಸೋ ಕಾಯ್ದೆ 2012, ಬಾಲ ನ್ಯಾಯ	ಕಾಯಿದೆ 2018 ಬಾಲಕಾರ್ಮಿಕ ಪದ್ಧತಿ ನಿಷೇಧ ಕಾಯ್ದೆ 1986, ಮಕ್ಕಳ ಹಕ್ಕುಗಳ ಕುರಿತು ಕಾನೂನು ಅರಿವು ಮೂಡಿಸಲಾಗುವುದು. ಶಾಲಾ ಕಾಲೇಜು ವಿದ್ಯಾರ್ಥಿಗಳಿಗೆ ಪ್ರಬಂಧ ಸ್ಪರ್ಧೆ ಹಾಗೂ ಚಿತ್ರಕಲಾ ಸ್ಪರ್ಧೆ ಆಯೋಜಿಸಲಾಗಿದೆ. ಈ ಸಂದರ್ಭದಲ್ಲಿ ಕ್ಷೇತ್ರ ಶಿಕ್ಷಣಾಧಿಕಾರಿ ಬಿ.ಆರ್.ಸಿ ಶಾಲಾ ಮುಖ್ಯ ಶಿಕ್ಷಕರು ಸಭೆಯಲ್ಲಿ ಹಾಜರಿದ್ದರು.
ಪ್ರಥಮ ದರ್ಜೆ ಕಾಲೇಜಿನ ಪ್ರಾಂಶುಪಾಲರು, ವಿದ್ಯಾರ್ಥಿಗಳು ಕಾರ್ಯಕ್ರಮದಲ್ಲಿ ಭಾಗವಹಿಸಲಿದ್ದಾರೆ. ಕಾನೂನು ಅರಿವು ಕಾರ್ಯಕ್ರಮದಲ್ಲಿ ತಜ್ಞ ವಕೀಲರು ಉಪನ್ಯಾಸ ನೀಡಲಿದ್ದಾರೆ. ಈ ಸಂದರ್ಭದಲ್ಲಿ ಕ್ಷೇತ್ರ ಶಿಕ್ಷಣಾಧಿಕಾರಿ ಬಿ.ಆರ್.ಸಿ ಸಮನ್ವಯಾಧಿಕಾರಿಗಳು ಸಭೆಯಲ್ಲಿ ಹಾಜರಿದ್ದರು.
ಮಕ್ಕಳಿಗೆ ಗುಣಾತ್ಮಕ ಶಿಕ್ಷಣ ಸಹ ನೀಡದೆ ವಂಚಿಸಲಾಗುತ್ತಿದೆ
RAINBOW OLYMPIAD
NEW CAMBRIDGE PUBL
ಮಾಲೂರು ತಾಲೂಕಿನ ಸಿದ್ದನಹಳ್ಳಿ ಗ್ರಾಮದ ಬಳಿ ಇರುವ ನ್ಯೂ ಕ್ರೇಂಬ್ರಿಡ್ಜ್ ಶಾಲೆ
ಶಾಲೆಗೆ ಐ.ಟಿ. ಕೃಷ್ಣೇಗೌಡ ಅವರು ಭೇಟಿ	ನ್ಯೂಕ್ರೇಂ ಬ್ರಿಡ್ಜ್ ಶಾಲೆಯ ಸಂಸ್ಥಾಪಕ ಅಧ್ಯಕ್ಷ ಮುನಿಯಪ್ಪ
ಹೊಂದುವುದಾಗಿ ಸಿನ್ನಿಂದ ನ್ಯಾಯಸಮ್ಮತ ತನಿಖೆ ನಡೆಸಬೇಕು. ಮಾಲೂರು ಕ್ಷೇತ್ರ ಶಿಕ್ಷಣಾಧಿಕಾರಿಗಳು ಶಾಲೆಗೆ ಭೇಟಿ ನೀಡಿ ಪರಿಶೀಲನೆ ನಡೆಸಬೇಕು. ಮಕ್ಕಳು ಹಾಗೂ ಪೋಷಕರಿಗೆ ನ್ಯಾಯ ಒದಗಿಸಬೇಕು ಎಂದು ಸ್ಥಳೀಯರು ಒತ್ತಾಯಿಸಿದ್ದಾರೆ. ಶಾಲೆಯ ವಿದ್ಯಾರ್ಥಿಗಳ ಪೋಷಕರಾದ ಆನಂದ್, ಲೋಕೇಶ್, ಪ್ರದೀಪ್, ಪ್ರಕಾಶ್, ಬಾಬು, ಶಿವು, ಮೂರ್ತಿ ಇನ್ನಿತರರು ಹಾಜರಿದ್ದರು. ನಡೆಸಿಕೊಂಡು
ಮಾಲೂರು,ಜ.31: ಸಿದ್ದನಹಳ್ಳಿ ಗ್ರಾಮದ ಬಳಿ ಇರುವ ನ್ಯೂ ಕ್ರೇಂಬ್ರಿಡ್ಜ್ ಶಾಲೆಯು ಇಲಾಖೆಯ ನಿಯಮಗಳನ್ನು ಉಲ್ಲಂಘಿಸಿ ನಡೆಯುತ್ತಿದ್ದು, ಮಕ್ಕಳಿಗೆ ಗುಣಾತ್ಮಕ ಶಿಕ್ಷಣ ಸಹ ನೀಡದೆ ವಂಚಿಸಲಾಗುತ್ತಿದೆ ಎಂದು ಪೋಷಕರು ಆರೋಪಿಸಿದ್ದಾರೆ. 2025-26ನೇ ಸಾಲಿನಲ್ಲಿ ಶಾಲೆಗೆ ಸಂಯೋಜನೆ ಅನುಮತಿ ಪಡೆಯದೆ ಶಾಲೆ ನಡೆಸಲಾಗುತ್ತಿದೆ. ಸುಮಾರು 180 ಮಕ್ಕಳನ್ನು ಹೊಂದಿರುವ ಈ ಶಾಲೆಯಲ್ಲಿ ವಿದ್ಯಾರ್ಥಿಗಳಿಗೆ ಅನುಗುಣವಾಗಿ ಶಿಕ್ಷಕರ ಕೊರತೆ ಇದೆ.
ನಿಯಮಗಳ ಪ್ರಕಾರ ಶಾಲೆಯಲ್ಲಿ ಪ್ರತಿ 40 ಮಕ್ಕಳಿಗೆ ಒಬ್ಬರಂತೆ ಶಿಕ್ಷಕರು ಇರಬೇಕು. ಆದರೆ ಇಲ್ಲಿ ಕಡಿಮೆ ಸಂಬಳಕ್ಕೆ ಅನರ್ಹ ಶಿಕ್ಷಕರನ್ನು ನೇಮಿಸಿಕೊಳ್ಳಲಾಗಿದೆ. ಪ್ರತಿ ತಿಂಗಳು ವೇತನವನ್ನು ಸಹ ಸರಿಯಾಗಿ ನೀಡುತ್ತಿಲ್ಲ. ಸಮರ್ಪಕ ಮೂಲಸೌಕರ್ಯಗಳಿಲ್ಲದೆ ಶಾಲೆ ನಡೆಸಲಾಗುತ್ತಿದೆ. ಈ ಬಗ್ಗೆ ಶಿಕ್ಷಣ ಇಲಾಖೆಯ ಅಧಿಕಾರಿಗಳು ಕ್ರಮ ಕೈಗೊಳ್ಳಬೇಕು ಎಂದು ಪೋಷಕರು ಆಗ್ರಹಿಸಿದ್ದಾರೆ. ಮಕ್ಕಳ ಭವಿಷ್ಯ ಉಳಿಸುವಂತೆ ಮನವಿ ಮಾಡಲಾಗಿದೆ.
ನಿಯಮಗಳ ಪ್ರಕಾರ ಶಾಲೆಯಲ್ಲಿ ಪ್ರತಿ 40 ಮಕ್ಕಳಿಗೆ ಒಬ್ಬರಂತೆ ಶಿಕ್ಷಕರು ಇರಬೇಕು. ಆದರೆ ಇಲ್ಲಿ ಕಡಿಮೆ ಸಂಬಳಕ್ಕೆ ಅನರ್ಹ ಶಿಕ್ಷಕರನ್ನು ನೇಮಿಸಿಕೊಳ್ಳಲಾಗಿದೆ. ಪ್ರತಿ ತಿಂಗಳು ವೇತನವನ್ನು ಸಹ ಸರಿಯಾಗಿ ನೀಡುತ್ತಿಲ್ಲ. ಸಮರ್ಪಕ ಮೂಲಸೌಕರ್ಯಗಳಿಲ್ಲದೆ ಶಾಲೆ ನಡೆಸಲಾಗುತ್ತಿದೆ. ಈ ಬಗ್ಗೆ ಶಿಕ್ಷಣ ಇಲಾಖೆಯ ಅಧಿಕಾರಿಗಳು ಕ್ರಮ ಕೈಗೊಳ್ಳಬೇಕು ಎಂದು ಪೋಷಕರು ಆಗ್ರಹಿಸಿದ್ದಾರೆ. ಮಕ್ಕಳ ಭವಿಷ್ಯ ಉಳಿಸುವಂತೆ ಮನವಿ ಮಾಡಲಾಗಿದೆ.
ಶಾಲೆಯ ವಿದ್ಯಾರ್ಥಿಗಳು ಪೋಷಕರು.
